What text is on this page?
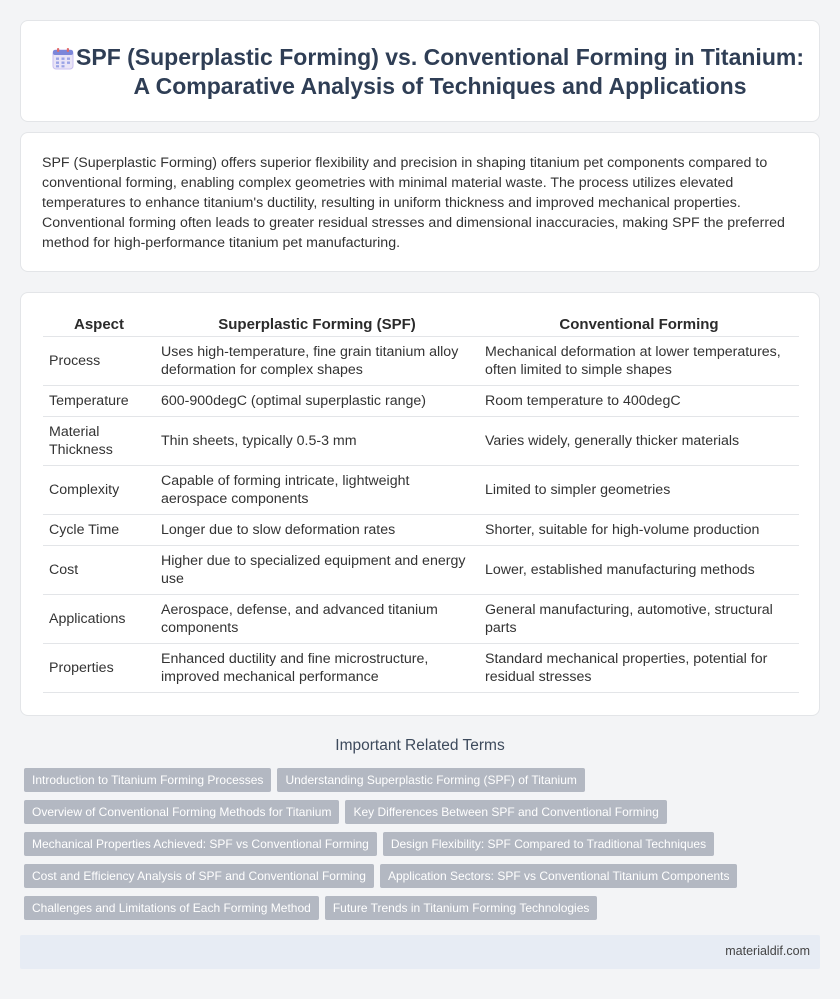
SPF (Superplastic Forming) vs. Conventional Forming in Titanium: A Comparative Analysis of Techniques and Applications

SPF (Superplastic Forming) offers superior flexibility and precision in shaping titanium pet components compared to conventional forming, enabling complex geometries with minimal material waste. The process utilizes elevated temperatures to enhance titanium's ductility, resulting in uniform thickness and improved mechanical properties. Conventional forming often leads to greater residual stresses and dimensional inaccuracies, making SPF the preferred method for high-performance titanium pet manufacturing.

Aspect	Superplastic Forming (SPF)	Conventional Forming
Process	Uses high-temperature, fine grain titanium alloy deformation for complex shapes	Mechanical deformation at lower temperatures, often limited to simple shapes
Temperature	600-900degC (optimal superplastic range)	Room temperature to 400degC
Material Thickness	Thin sheets, typically 0.5-3 mm	Varies widely, generally thicker materials
Complexity	Capable of forming intricate, lightweight aerospace components	Limited to simpler geometries
Cycle Time	Longer due to slow deformation rates	Shorter, suitable for high-volume production
Cost	Higher due to specialized equipment and energy use	Lower, established manufacturing methods
Applications	Aerospace, defense, and advanced titanium components	General manufacturing, automotive, structural parts
Properties	Enhanced ductility and fine microstructure, improved mechanical performance	Standard mechanical properties, potential for residual stresses
Important Related Terms
Introduction to Titanium Forming Processes Understanding Superplastic Forming (SPF) of Titanium
Overview of Conventional Forming Methods for Titanium Key Differences Between SPF and Conventional Forming
Mechanical Properties Achieved: SPF vs Conventional Forming Design Flexibility: SPF Compared to Traditional Techniques
Cost and Efficiency Analysis of SPF and Conventional Forming Application Sectors: SPF vs Conventional Titanium Components
Challenges and Limitations of Each Forming Method Future Trends in Titanium Forming Technologies
materialdif.com
